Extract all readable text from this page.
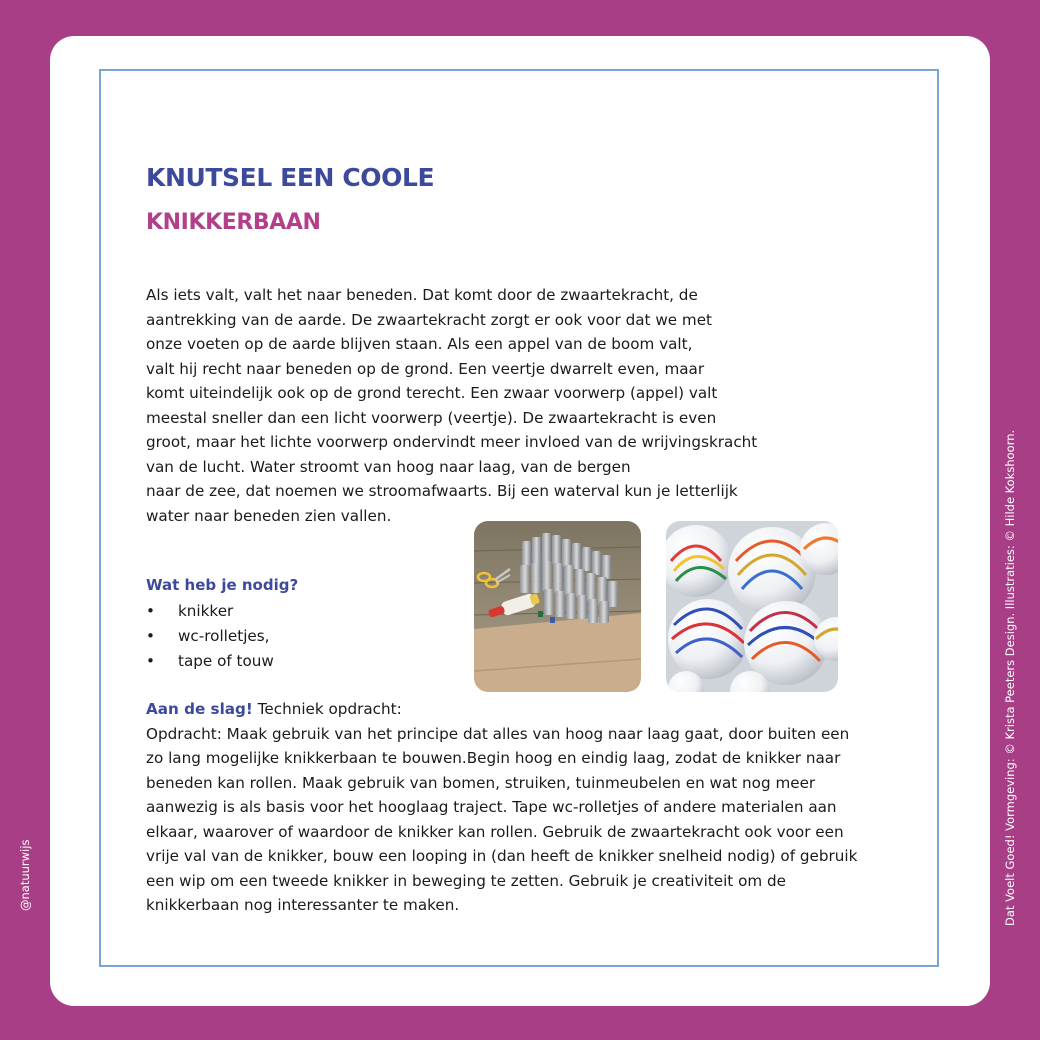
KNUTSEL EEN COOLE
KNIKKERBAAN
Als iets valt, valt het naar beneden. Dat komt door de zwaartekracht, de
aantrekking van de aarde. De zwaartekracht zorgt er ook voor dat we met
onze voeten op de aarde blijven staan. Als een appel van de boom valt,
valt hij recht naar beneden op de grond. Een veertje dwarrelt even, maar
komt uiteindelijk ook op de grond terecht. Een zwaar voorwerp (appel) valt
meestal sneller dan een licht voorwerp (veertje). De zwaartekracht is even
groot, maar het lichte voorwerp ondervindt meer invloed van de wrijvingskracht
van de lucht. Water stroomt van hoog naar laag, van de bergen
naar de zee, dat noemen we stroomafwaarts. Bij een waterval kun je letterlijk
water naar beneden zien vallen.
Wat heb je nodig?
• knikker
• wc-rolletjes,
• tape of touw
Aan de slag! Techniek opdracht:
Opdracht: Maak gebruik van het principe dat alles van hoog naar laag gaat, door buiten een
zo lang mogelijke knikkerbaan te bouwen.Begin hoog en eindig laag, zodat de knikker naar
beneden kan rollen. Maak gebruik van bomen, struiken, tuinmeubelen en wat nog meer
aanwezig is als basis voor het hooglaag traject. Tape wc-rolletjes of andere materialen aan
elkaar, waarover of waardoor de knikker kan rollen. Gebruik de zwaartekracht ook voor een
vrije val van de knikker, bouw een looping in (dan heeft de knikker snelheid nodig) of gebruik
een wip om een tweede knikker in beweging te zetten. Gebruik je creativiteit om de
knikkerbaan nog interessanter te maken.	Dat Voelt Goed! Vormgeving: © Krista Peeters Design. Illustraties: © Hilde Kokshoorn.
@natuurwijs
